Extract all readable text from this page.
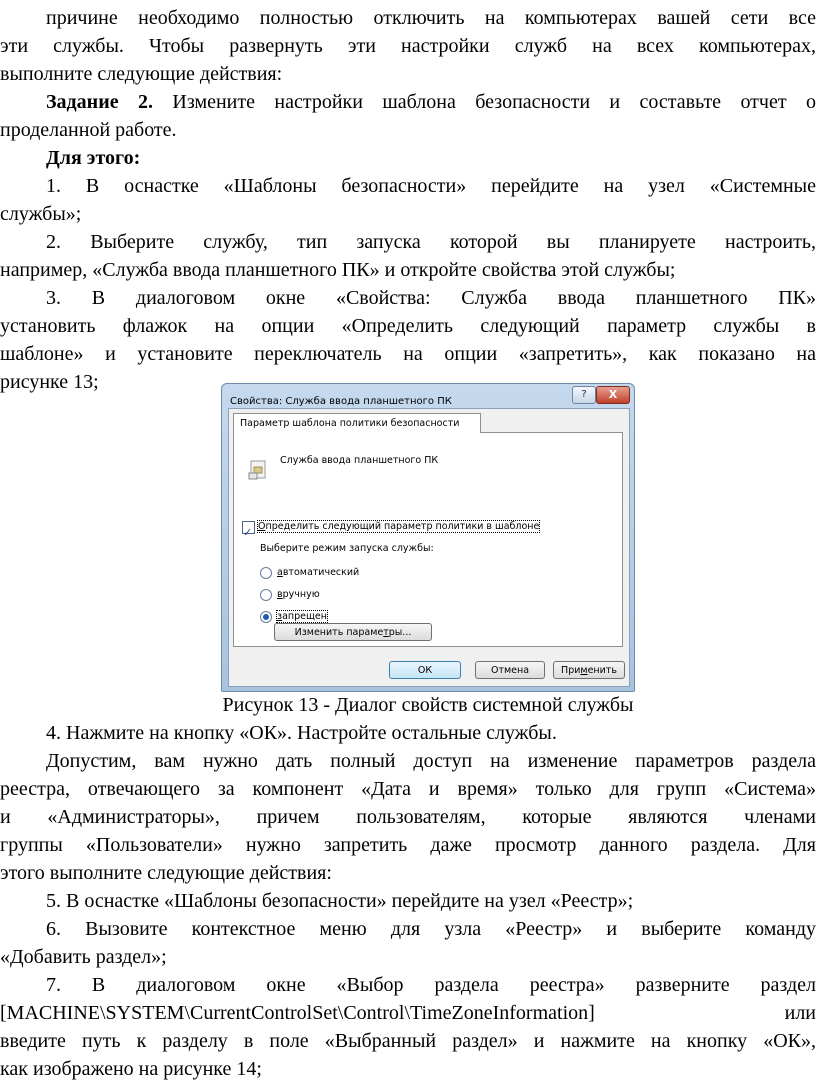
причине необходимо полностью отключить на компьютерах вашей сети все
эти службы. Чтобы развернуть эти настройки служб на всех компьютерах,
выполните следующие действия:
Задание 2. Измените настройки шаблона безопасности и составьте отчет о
проделанной работе.
Для этого:
1. В оснастке «Шаблоны безопасности» перейдите на узел «Системные
службы»;
2. Выберите службу, тип запуска которой вы планируете настроить,
например, «Служба ввода планшетного ПК» и откройте свойства этой службы;
3. В диалоговом окне «Свойства: Служба ввода планшетного ПК»
установить флажок на опции «Определить следующий параметр службы в
шаблоне» и установите переключатель на опции «запретить», как показано на
рисунке 13;
Свойства: Служба ввода планшетного ПК
?	X
Параметр шаблона политики безопасности
Служба ввода планшетного ПК
✓Определить следующий параметр политики в шаблоне
Выберите режим запуска службы:
автоматический
вручную
запрещен
Изменить параметры...
ОК	Отмена	Применить
Рисунок 13 - Диалог свойств системной службы
4. Нажмите на кнопку «ОК». Настройте остальные службы.
Допустим, вам нужно дать полный доступ на изменение параметров раздела
реестра, отвечающего за компонент «Дата и время» только для групп «Система»
и «Администраторы», причем пользователям, которые являются членами
группы «Пользователи» нужно запретить даже просмотр данного раздела. Для
этого выполните следующие действия:
5. В оснастке «Шаблоны безопасности» перейдите на узел «Реестр»;
6. Вызовите контекстное меню для узла «Реестр» и выберите команду
«Добавить раздел»;
7. В диалоговом окне «Выбор раздела реестра» разверните раздел
[MACHINE\SYSTEM\CurrentControlSet\Control\TimeZoneInformation] или
введите путь к разделу в поле «Выбранный раздел» и нажмите на кнопку «ОК»,
как изображено на рисунке 14;
